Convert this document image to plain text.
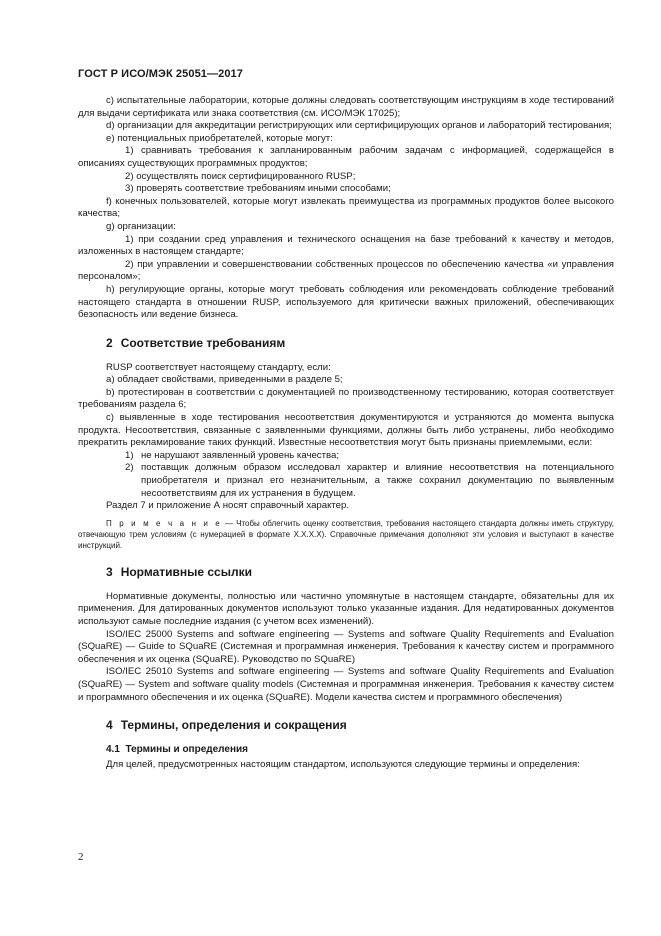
ГОСТ Р ИСО/МЭК 25051—2017

c) испытательные лаборатории, которые должны следовать соответствующим инструкциям в ходе тестирований для выдачи сертификата или знака соответствия (см. ИСО/МЭК 17025);

d) организации для аккредитации регистрирующих или сертифицирующих органов и лабораторий тестирования;

e) потенциальных приобретателей, которые могут:

1) сравнивать требования к запланированным рабочим задачам с информацией, содержащейся в описаниях существующих программных продуктов;

2) осуществлять поиск сертифицированного RUSP;

3) проверять соответствие требованиям иными способами;

f) конечных пользователей, которые могут извлекать преимущества из программных продуктов более высокого качества;

g) организации:

1) при создании сред управления и технического оснащения на базе требований к качеству и методов, изложенных в настоящем стандарте;

2) при управлении и совершенствовании собственных процессов по обеспечению качества «и управления персоналом»;

h) регулирующие органы, которые могут требовать соблюдения или рекомендовать соблюдение требований настоящего стандарта в отношении RUSP, используемого для критически важных приложений, обеспечивающих безопасность или ведение бизнеса.

2 Соответствие требованиям

RUSP соответствует настоящему стандарту, если:

a) обладает свойствами, приведенными в разделе 5;

b) протестирован в соответствии с документацией по производственному тестированию, которая соответствует требованиям раздела 6;

c) выявленные в ходе тестирования несоответствия документируются и устраняются до момента выпуска продукта. Несоответствия, связанные с заявленными функциями, должны быть либо устранены, либо необходимо прекратить рекламирование таких функций. Известные несоответствия могут быть признаны приемлемыми, если:

1) не нарушают заявленный уровень качества;

2) поставщик должным образом исследовал характер и влияние несоответствия на потенциального приобретателя и признал его незначительным, а также сохранил документацию по выявленным несоответствиям для их устранения в будущем.

Раздел 7 и приложение А носят справочный характер.

П р и м е ч а н и е — Чтобы облегчить оценку соответствия, требования настоящего стандарта должны иметь структуру, отвечающую трем условиям (с нумерацией в формате Х.Х.Х.Х). Справочные примечания дополняют эти условия и выступают в качестве инструкций.

3 Нормативные ссылки

Нормативные документы, полностью или частично упомянутые в настоящем стандарте, обязательны для их применения. Для датированных документов используют только указанные издания. Для недатированных документов используют самые последние издания (с учетом всех изменений).

ISO/IEC 25000 Systems and software engineering — Systems and software Quality Requirements and Evaluation (SQuaRE) — Guide to SQuaRE (Системная и программная инженерия. Требования к качеству систем и программного обеспечения и их оценка (SQuaRE). Руководство по SQuaRE)

ISO/IEC 25010 Systems and software engineering — Systems and software Quality Requirements and Evaluation (SQuaRE) — System and software quality models (Системная и программная инженерия. Требования к качеству систем и программного обеспечения и их оценка (SQuaRE). Модели качества систем и программного обеспечения)

4 Термины, определения и сокращения
4.1 Термины и определения

Для целей, предусмотренных настоящим стандартом, используются следующие термины и определения:

2
